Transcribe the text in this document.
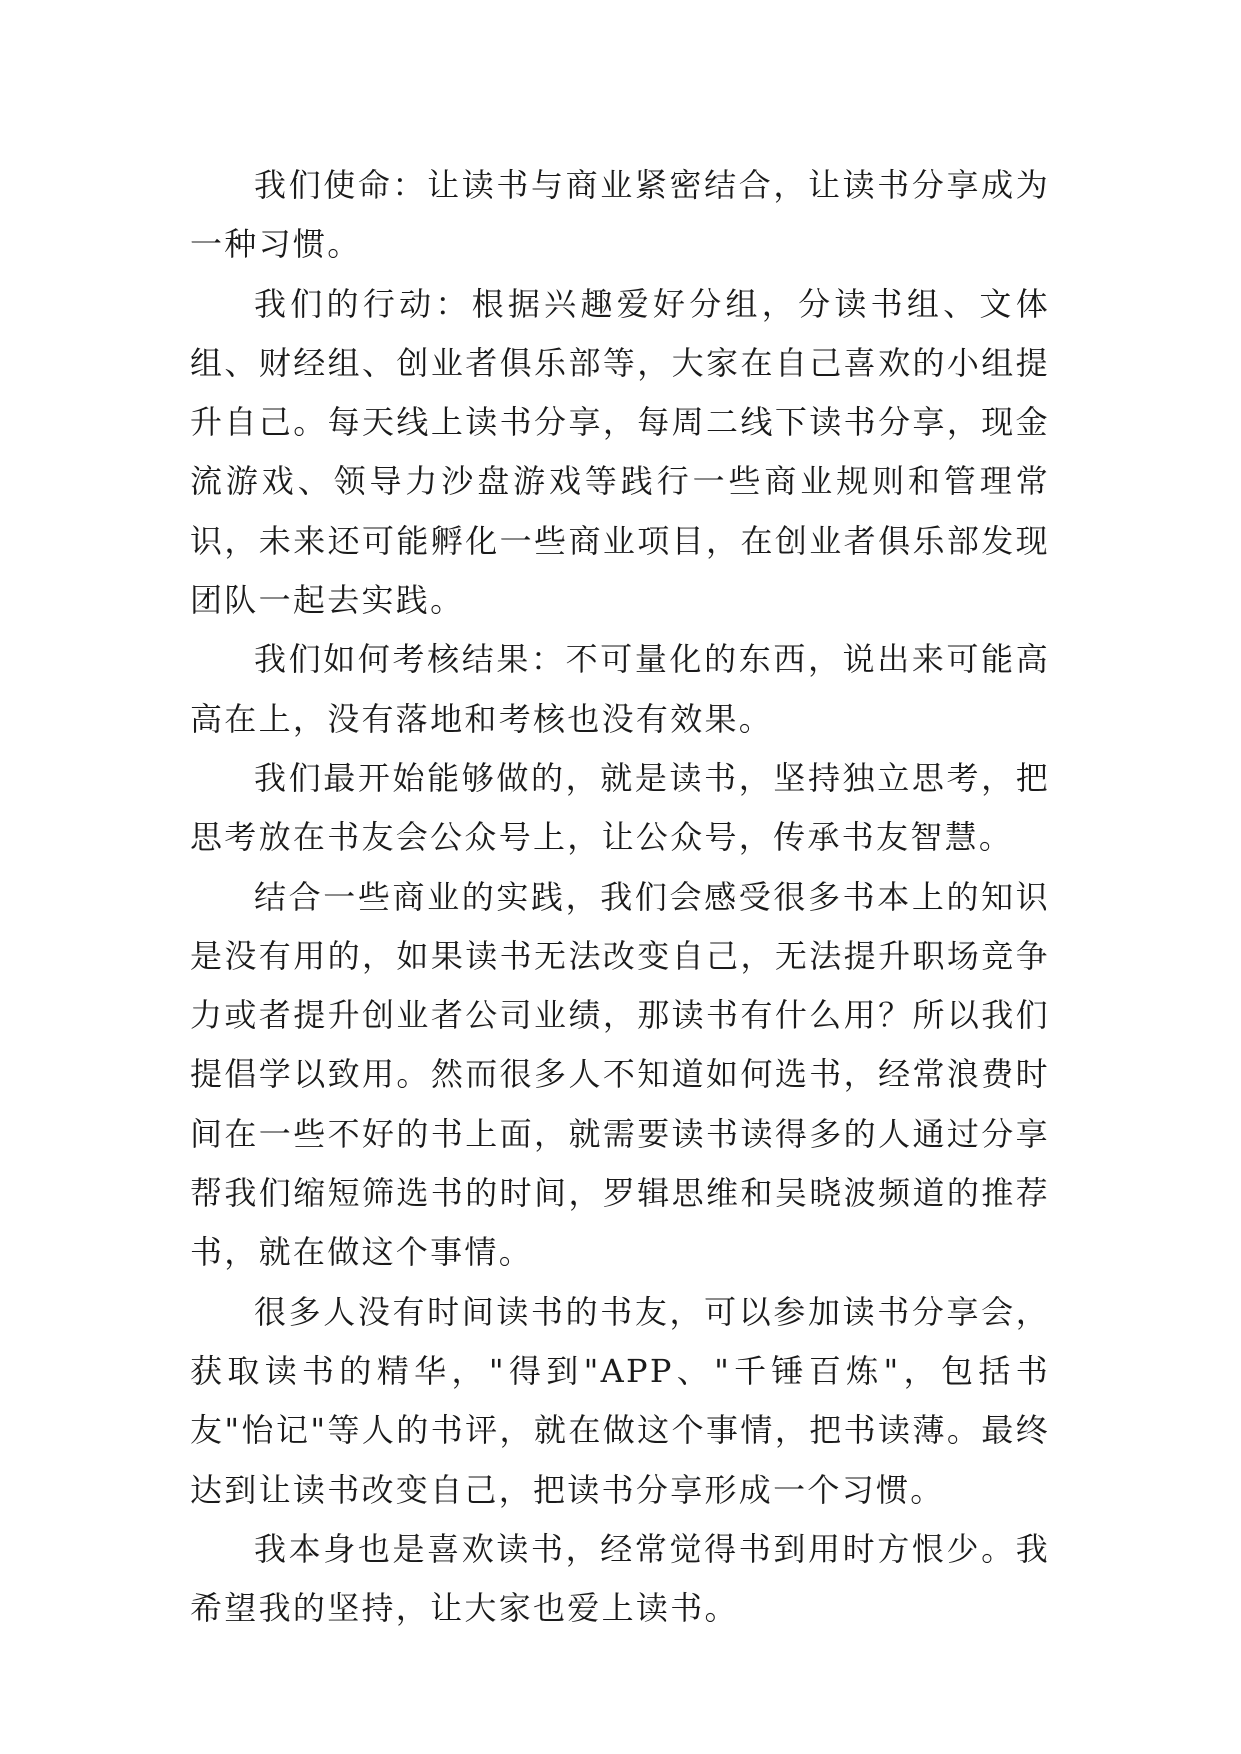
我们使命：让读书与商业紧密结合，让读书分享成为一种习惯。

我们的行动：根据兴趣爱好分组，分读书组、文体组、财经组、创业者俱乐部等，大家在自己喜欢的小组提升自己。每天线上读书分享，每周二线下读书分享，现金流游戏、领导力沙盘游戏等践行一些商业规则和管理常识，未来还可能孵化一些商业项目，在创业者俱乐部发现团队一起去实践。

我们如何考核结果：不可量化的东西，说出来可能高高在上，没有落地和考核也没有效果。

我们最开始能够做的，就是读书，坚持独立思考，把思考放在书友会公众号上，让公众号，传承书友智慧。

结合一些商业的实践，我们会感受很多书本上的知识是没有用的，如果读书无法改变自己，无法提升职场竞争力或者提升创业者公司业绩，那读书有什么用？所以我们提倡学以致用。然而很多人不知道如何选书，经常浪费时间在一些不好的书上面，就需要读书读得多的人通过分享帮我们缩短筛选书的时间，罗辑思维和吴晓波频道的推荐书，就在做这个事情。

很多人没有时间读书的书友，可以参加读书分享会，获取读书的精华，"得到"APP、"千锤百炼"，包括书友"怡记"等人的书评，就在做这个事情，把书读薄。最终达到让读书改变自己，把读书分享形成一个习惯。

我本身也是喜欢读书，经常觉得书到用时方恨少。我希望我的坚持，让大家也爱上读书。
